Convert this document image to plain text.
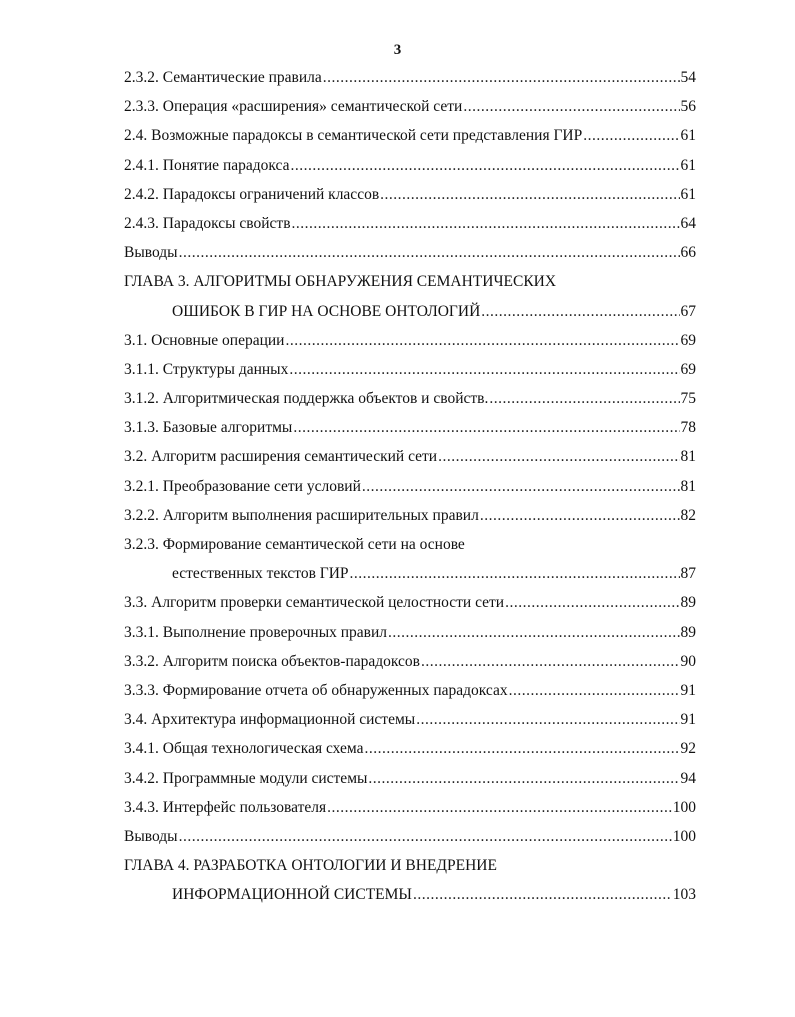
3
2.3.2. Семантические правила .....	54
2.3.3. Операция «расширения» семантической сети .....	56
2.4. Возможные парадоксы в семантической сети представления ГИР .....	61
2.4.1. Понятие парадокса .....	61
2.4.2. Парадоксы ограничений классов .....	61
2.4.3. Парадоксы свойств .....	64
Выводы .....	66
ГЛАВА 3. АЛГОРИТМЫ ОБНАРУЖЕНИЯ СЕМАНТИЧЕСКИХ
ОШИБОК В ГИР НА ОСНОВЕ ОНТОЛОГИЙ .....	67
3.1. Основные операции .....	69
3.1.1. Структуры данных .....	69
3.1.2. Алгоритмическая поддержка объектов и свойств. .....	75
3.1.3. Базовые алгоритмы .....	78
3.2. Алгоритм расширения семантический сети .....	81
3.2.1. Преобразование сети условий .....	81
3.2.2. Алгоритм выполнения расширительных правил .....	82
3.2.3. Формирование семантической сети на основе
естественных текстов ГИР .....	87
3.3. Алгоритм проверки семантической целостности сети .....	89
3.3.1. Выполнение проверочных правил .....	89
3.3.2. Алгоритм поиска объектов-парадоксов .....	90
3.3.3. Формирование отчета об обнаруженных парадоксах .....	91
3.4. Архитектура информационной системы .....	91
3.4.1. Общая технологическая схема .....	92
3.4.2. Программные модули системы .....	94
3.4.3. Интерфейс пользователя .....	100
Выводы .....	100
ГЛАВА 4. РАЗРАБОТКА ОНТОЛОГИИ И ВНЕДРЕНИЕ
ИНФОРМАЦИОННОЙ СИСТЕМЫ .....	103
